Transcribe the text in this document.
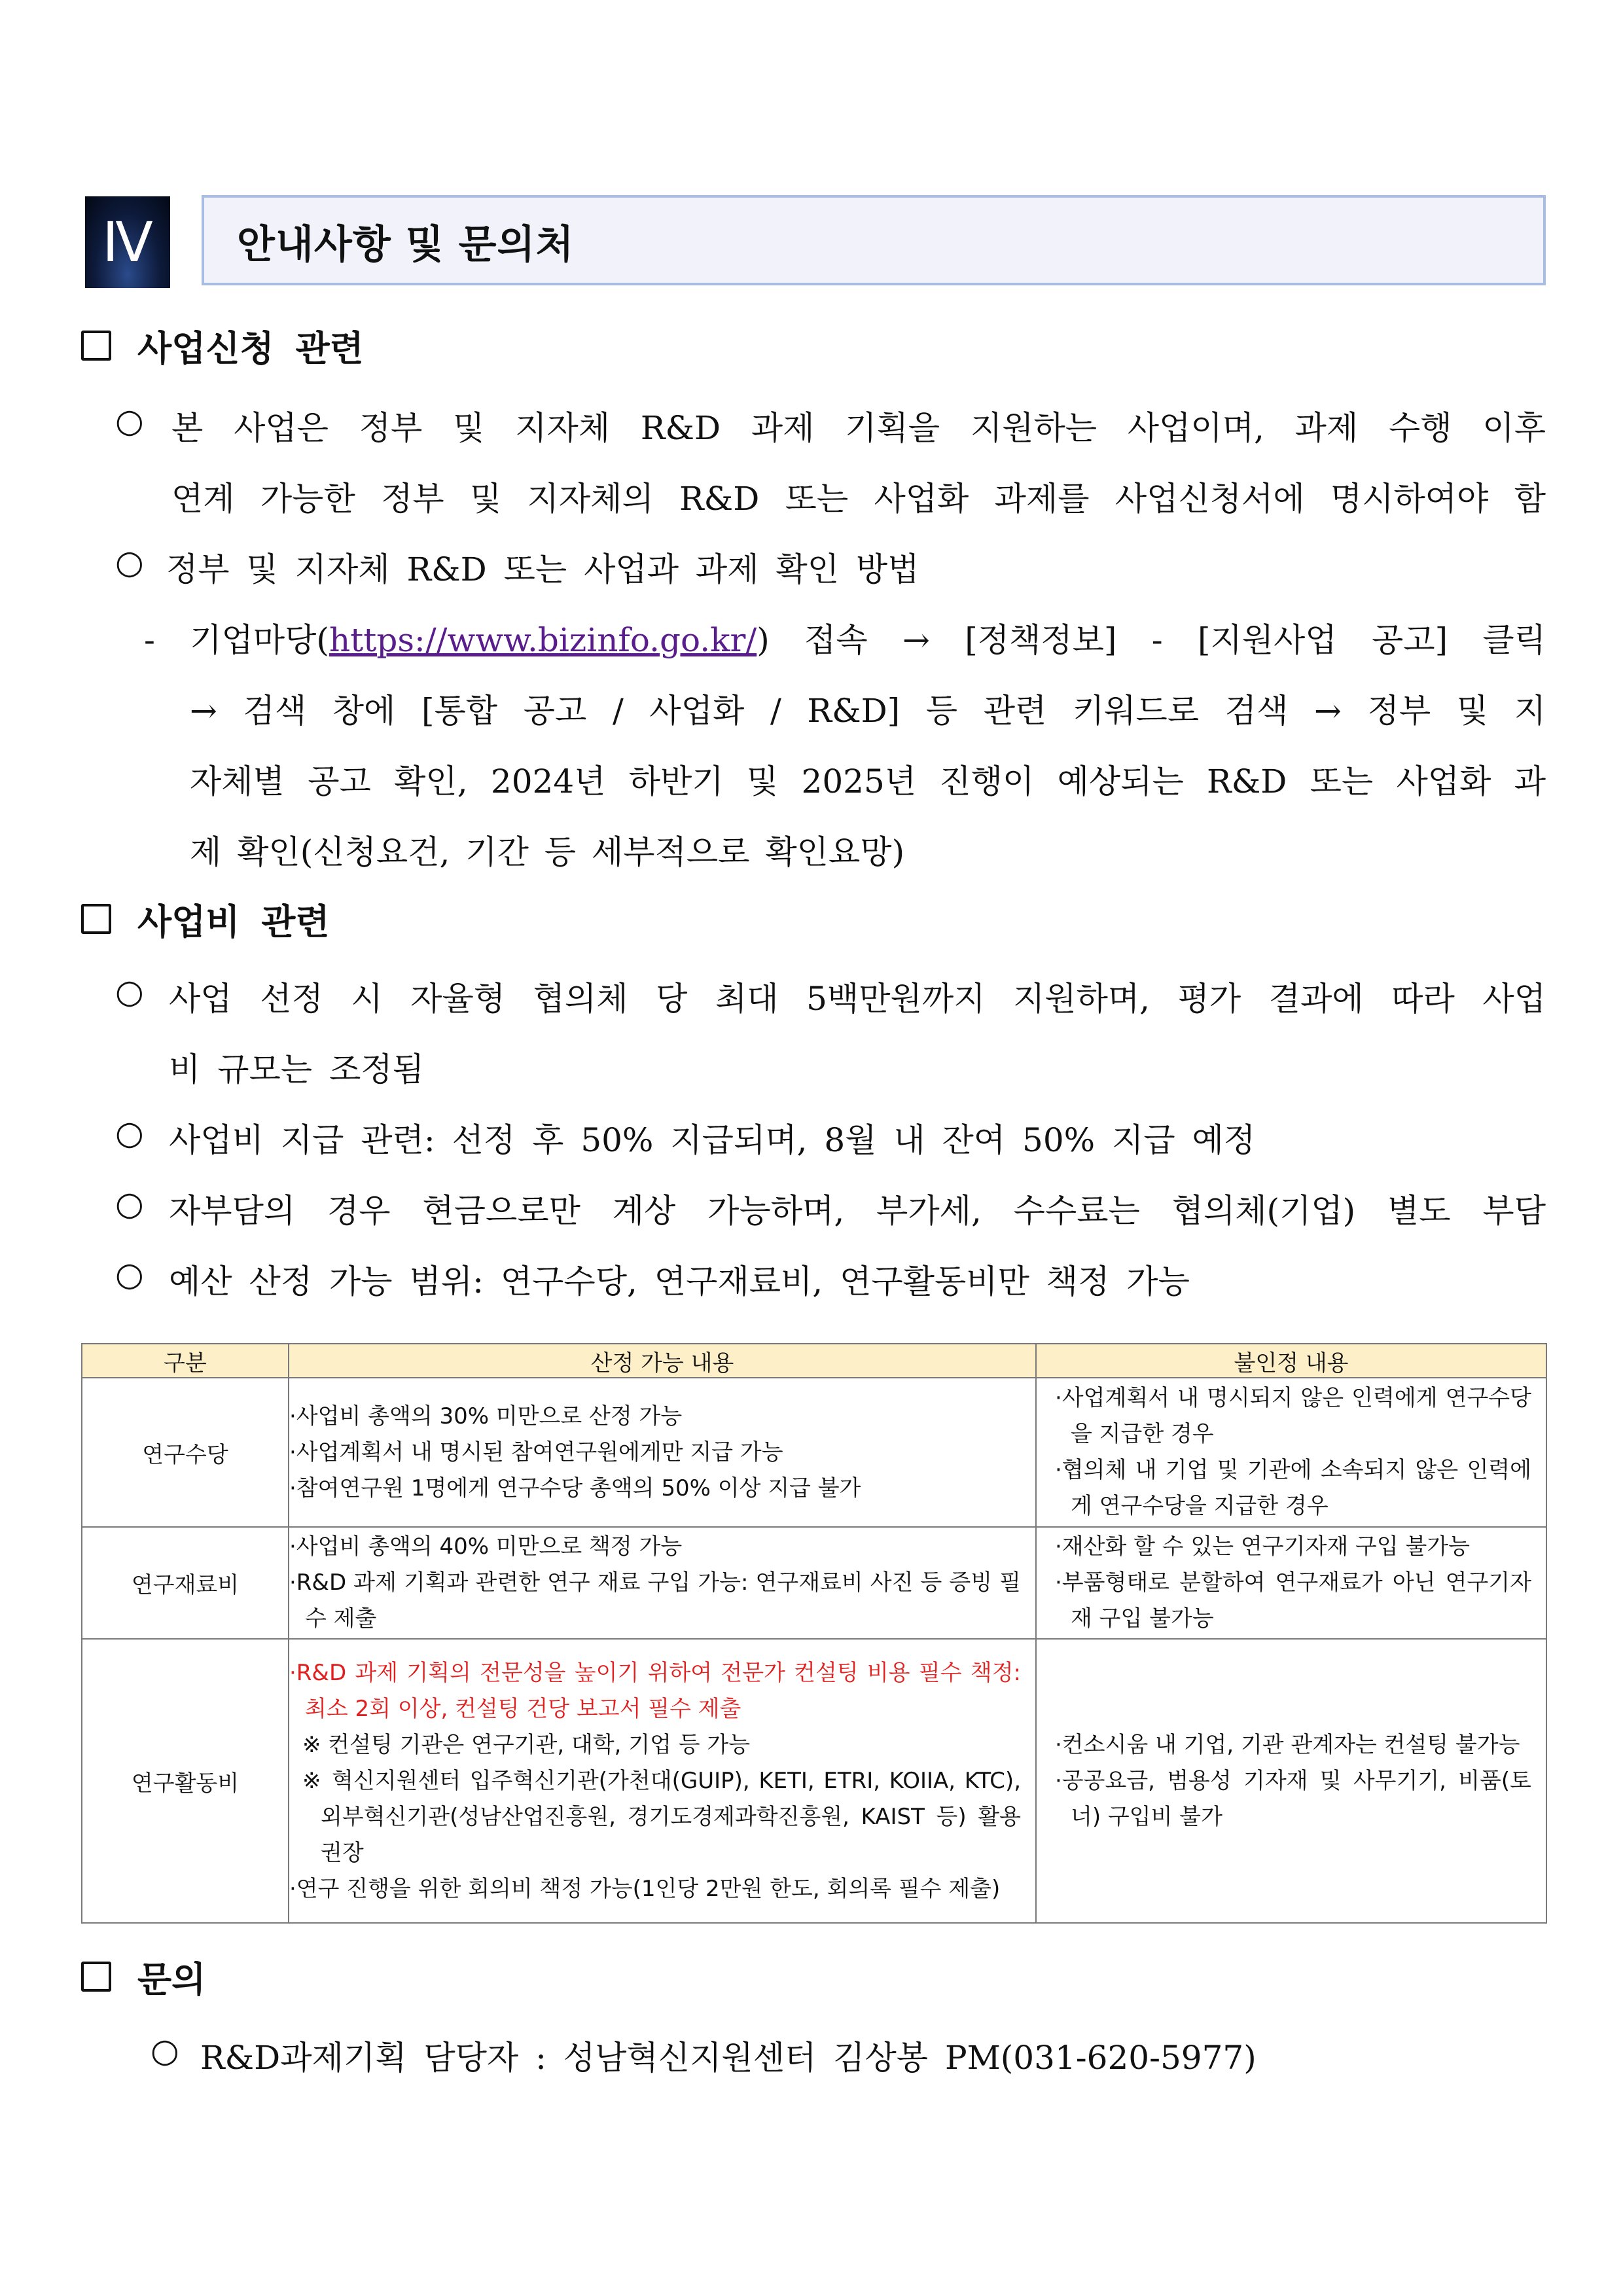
Ⅳ 안내사항 및 문의처
사업신청 관련
○ 본 사업은 정부 및 지자체 R&D 과제 기획을 지원하는 사업이며, 과제 수행 이후
연계 가능한 정부 및 지자체의 R&D 또는 사업화 과제를 사업신청서에 명시하여야 함
○ 정부 및 지자체 R&D 또는 사업과 과제 확인 방법
- 기업마당(https://www.bizinfo.go.kr/) 접속 → [정책정보] - [지원사업 공고] 클릭
→ 검색 창에 [통합 공고 / 사업화 / R&D] 등 관련 키워드로 검색 → 정부 및 지
자체별 공고 확인, 2024년 하반기 및 2025년 진행이 예상되는 R&D 또는 사업화 과
제 확인(신청요건, 기간 등 세부적으로 확인요망)
사업비 관련
○ 사업 선정 시 자율형 협의체 당 최대 5백만원까지 지원하며, 평가 결과에 따라 사업
비 규모는 조정됨
○ 사업비 지급 관련: 선정 후 50% 지급되며, 8월 내 잔여 50% 지급 예정
○ 자부담의 경우 현금으로만 계상 가능하며, 부가세, 수수료는 협의체(기업) 별도 부담
○ 예산 산정 가능 범위: 연구수당, 연구재료비, 연구활동비만 책정 가능
구분	산정 가능 내용	불인정 내용
연구수당	·사업비 총액의 30% 미만으로 산정 가능
·사업계획서 내 명시된 참여연구원에게만 지급 가능
·참여연구원 1명에게 연구수당 총액의 50% 이상 지급 불가	·사업계획서 내 명시되지 않은 인력에게 연구수당을 지급한 경우
·협의체 내 기업 및 기관에 소속되지 않은 인력에게 연구수당을 지급한 경우

연구재료비	·사업비 총액의 40% 미만으로 책정 가능
·R&D 과제 기획과 관련한 연구 재료 구입 가능: 연구재료비 사진 등 증빙 필수 제출	·재산화 할 수 있는 연구기자재 구입 불가능
·부품형태로 분할하여 연구재료가 아닌 연구기자재 구입 불가능

연구활동비	·R&D 과제 기획의 전문성을 높이기 위하여 전문가 컨설팅 비용 필수 책정: 최소 2회 이상, 컨설팅 건당 보고서 필수 제출
※ 컨설팅 기관은 연구기관, 대학, 기업 등 가능
※ 혁신지원센터 입주혁신기관(가천대(GUIP), KETI, ETRI, KOIIA, KTC), 외부혁신기관(성남산업진흥원, 경기도경제과학진흥원, KAIST 등) 활용 권장
·연구 진행을 위한 회의비 책정 가능(1인당 2만원 한도, 회의록 필수 제출)	·컨소시움 내 기업, 기관 관계자는 컨설팅 불가능
·공공요금, 범용성 기자재 및 사무기기, 비품(토너) 구입비 불가
문의
○ R&D과제기획 담당자 : 성남혁신지원센터 김상봉 PM(031-620-5977)
